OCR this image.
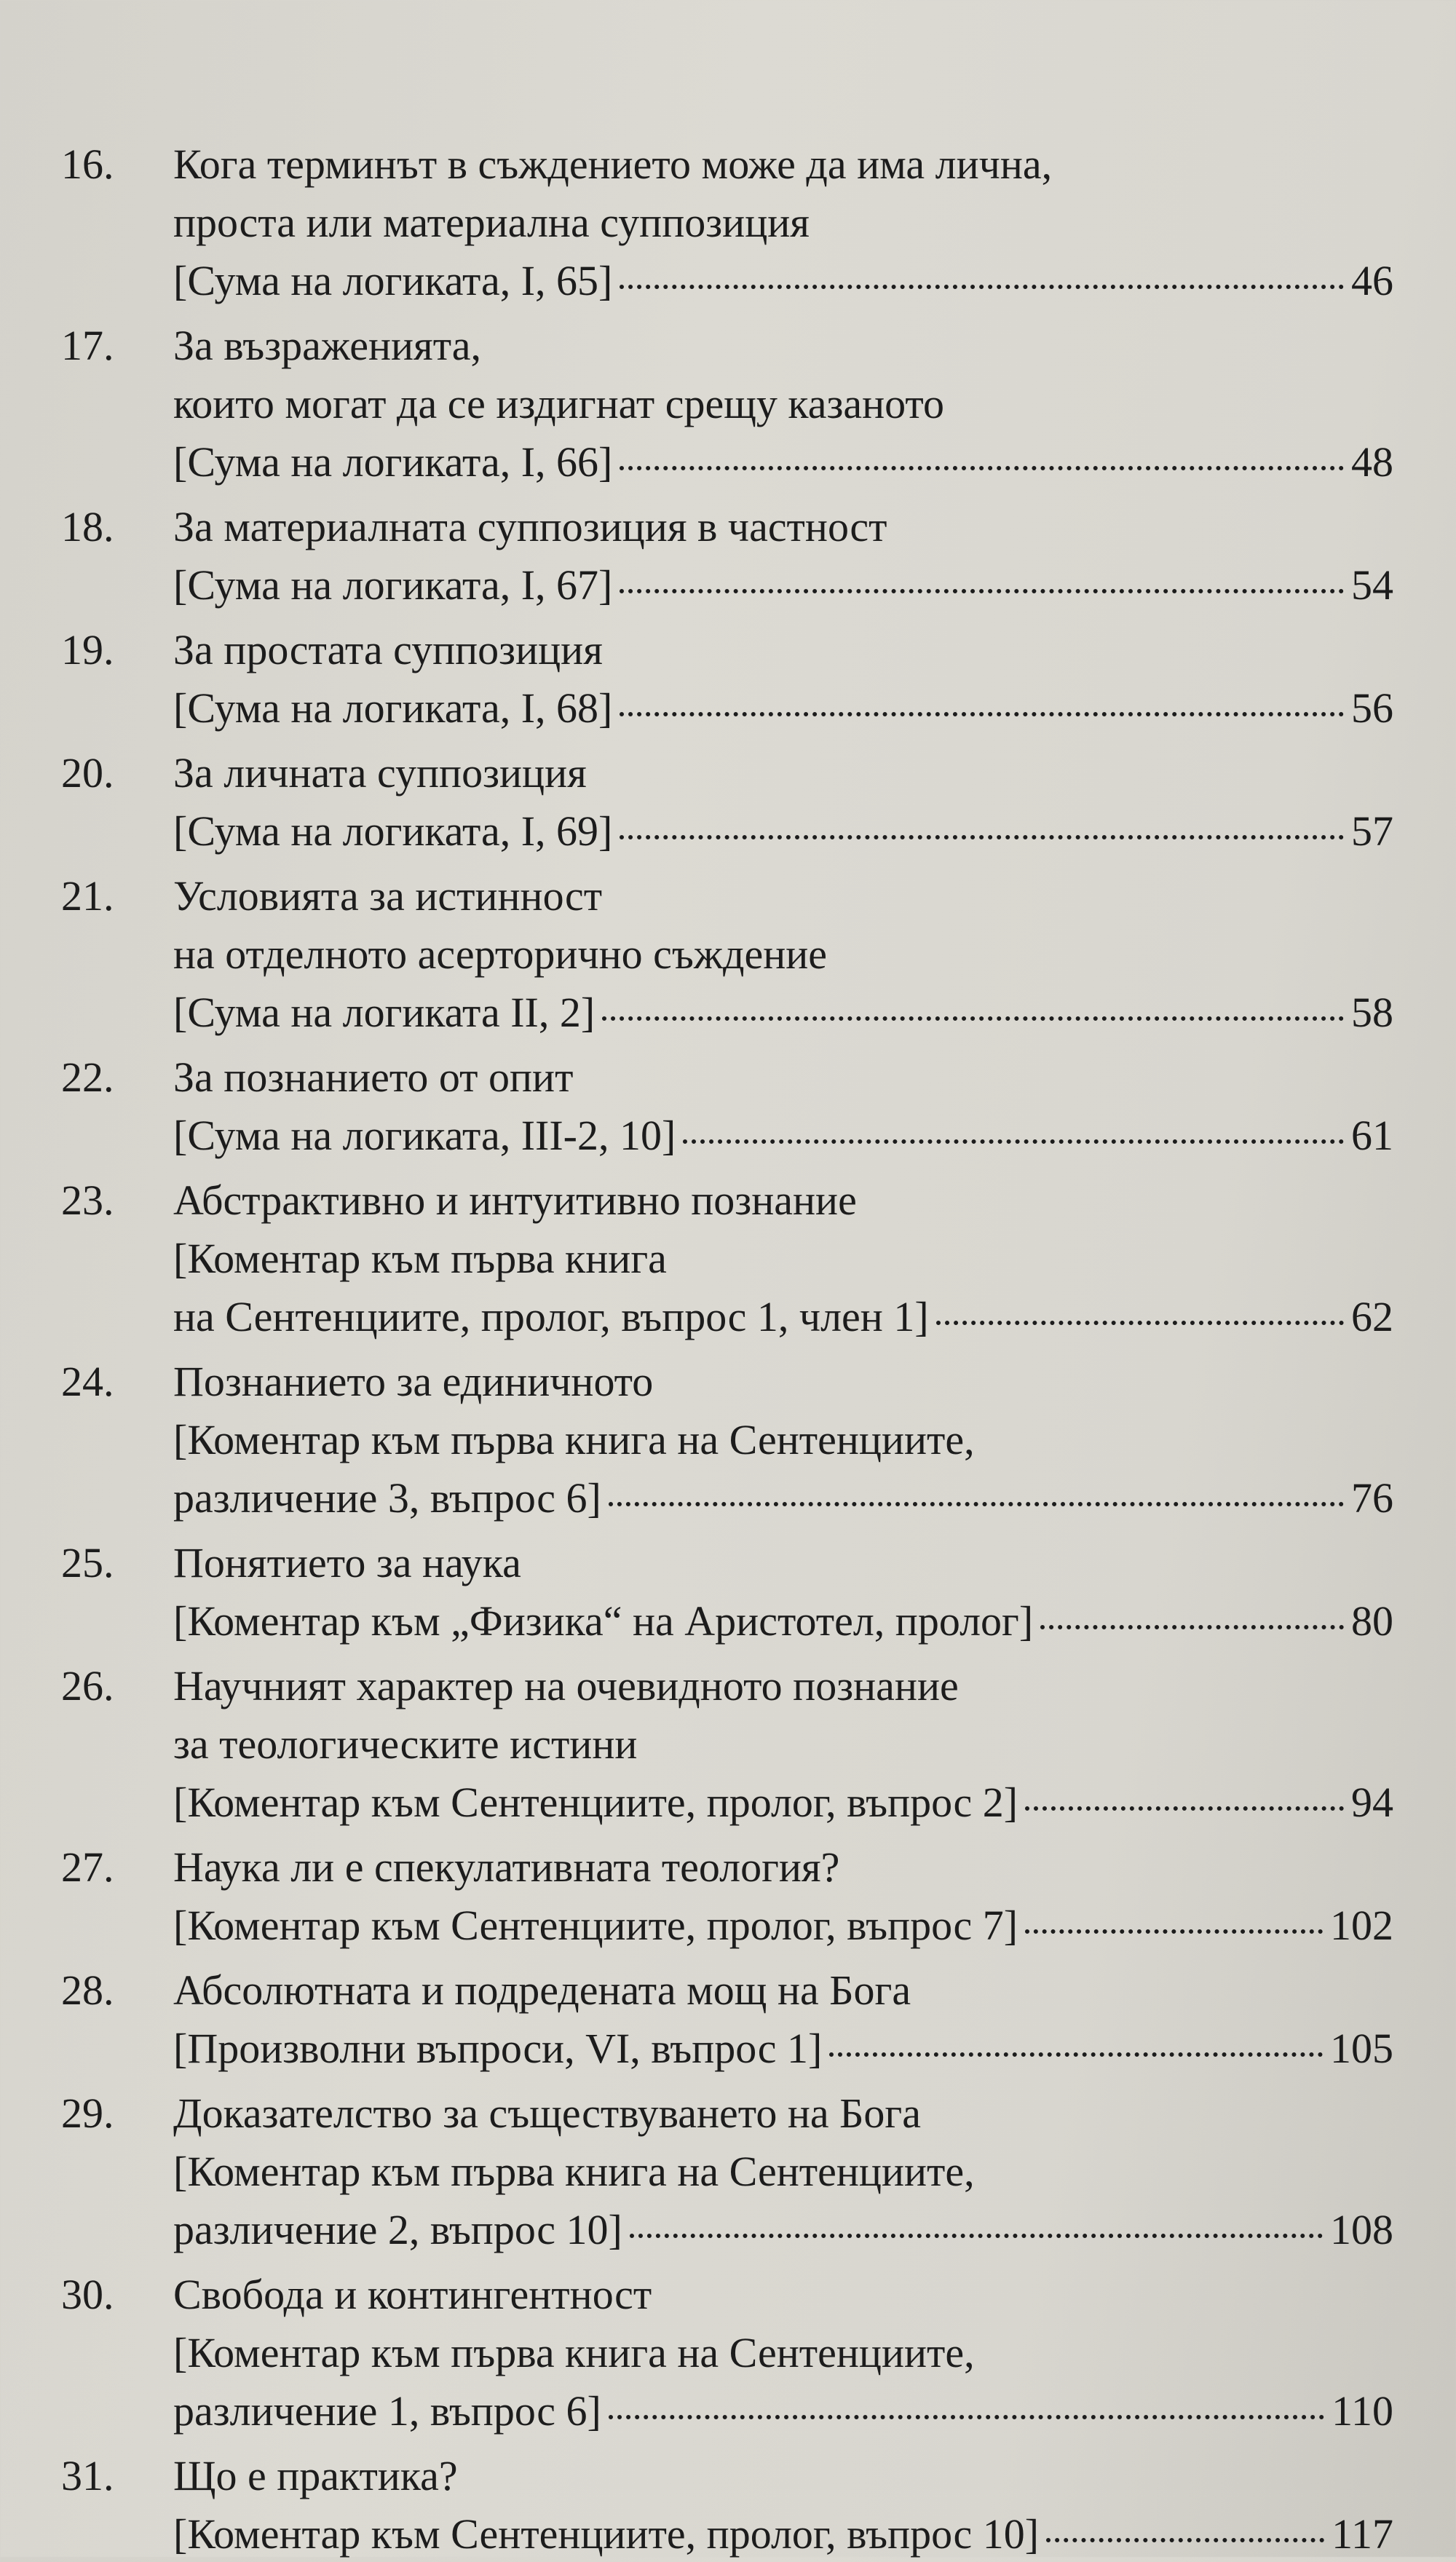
16.	Кога терминът в съждението може да има лична,
проста или материална суппозиция
[Сума на логиката, I, 65]	46
17.	За възраженията,
които могат да се издигнат срещу казаното
[Сума на логиката, I, 66]	48
18.	За материалната суппозиция в частност
[Сума на логиката, I, 67]	54
19.	За простата суппозиция
[Сума на логиката, I, 68]	56
20.	За личната суппозиция
[Сума на логиката, I, 69]	57
21.	Условията за истинност
на отделното асерторично съждение
[Сума на логиката II, 2]	58
22.	За познанието от опит
[Сума на логиката, III-2, 10]	61
23.	Абстрактивно и интуитивно познание
[Коментар към първа книга
на Сентенциите, пролог, въпрос 1, член 1]	62
24.	Познанието за единичното
[Коментар към първа книга на Сентенциите,
различение 3, въпрос 6]	76
25.	Понятието за наука
[Коментар към „Физика“ на Аристотел, пролог]	80
26.	Научният характер на очевидното познание
за теологическите истини
[Коментар към Сентенциите, пролог, въпрос 2]	94
27.	Наука ли е спекулативната теология?
[Коментар към Сентенциите, пролог, въпрос 7]	102
28.	Абсолютната и подредената мощ на Бога
[Произволни въпроси, VI, въпрос 1]	105
29.	Доказателство за съществуването на Бога
[Коментар към първа книга на Сентенциите,
различение 2, въпрос 10]	108
30.	Свобода и контингентност
[Коментар към първа книга на Сентенциите,
различение 1, въпрос 6]	110
31.	Що е практика?
[Коментар към Сентенциите, пролог, въпрос 10]	117
